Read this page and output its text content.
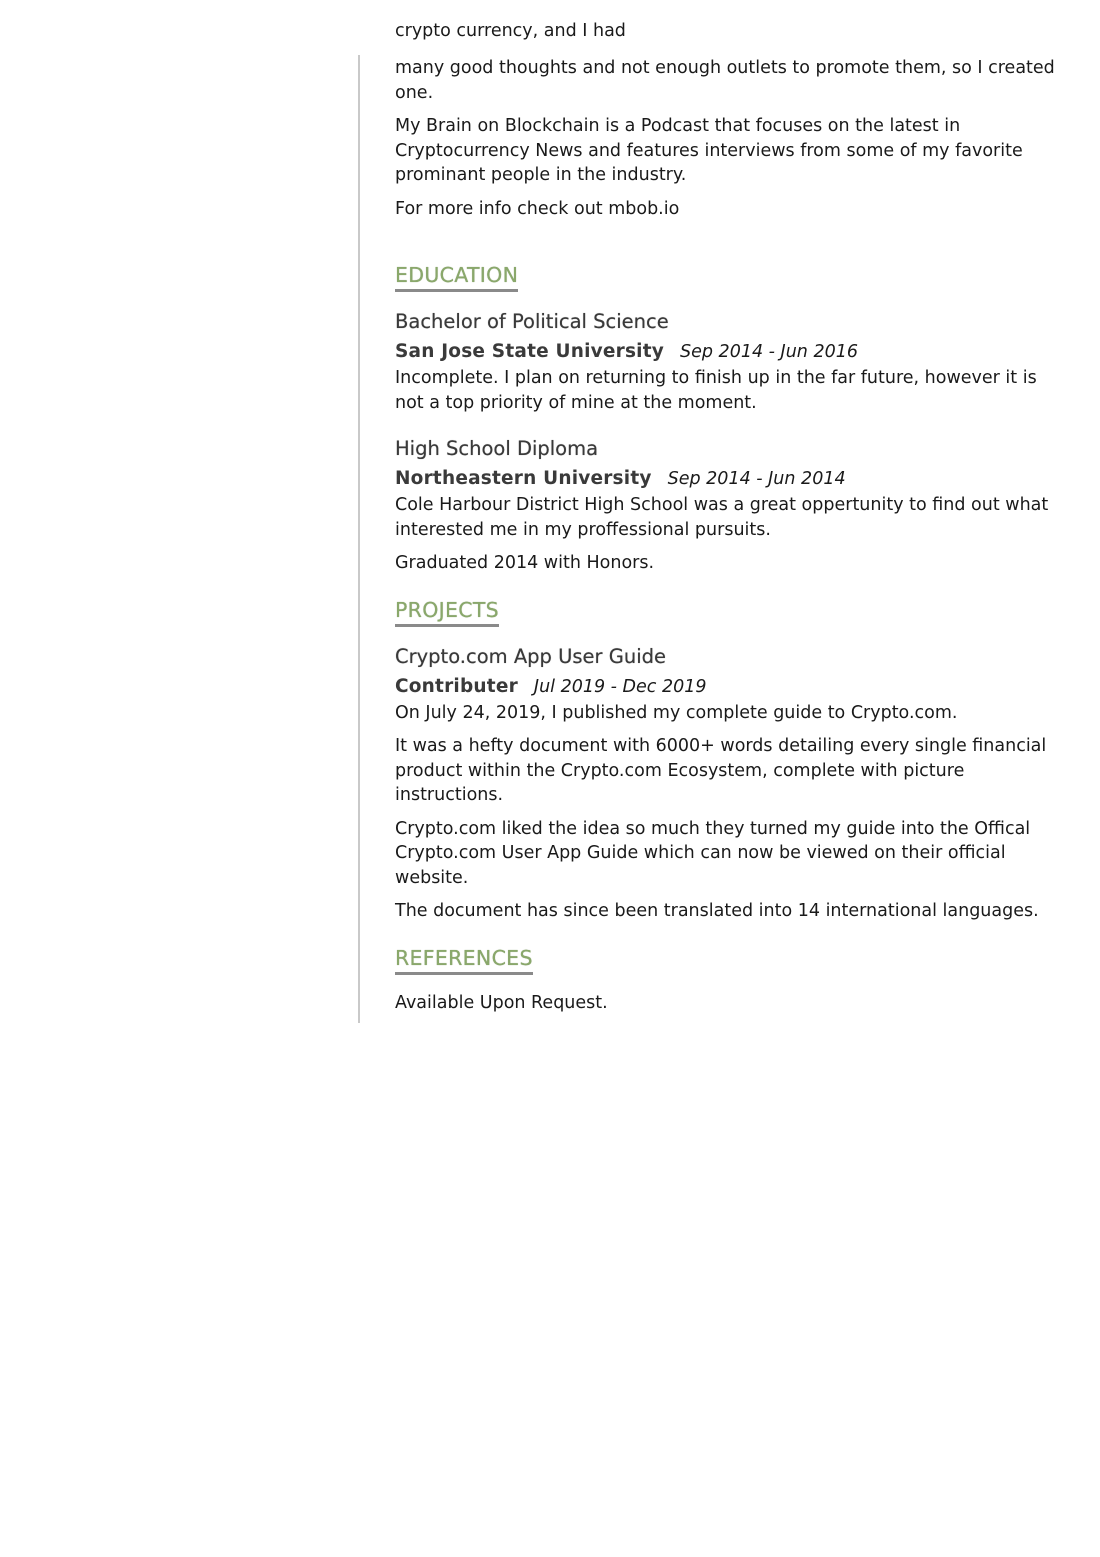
crypto currency, and I had

many good thoughts and not enough outlets to promote them, so I created one.

My Brain on Blockchain is a Podcast that focuses on the latest in Cryptocurrency News and features interviews from some of my favorite prominant people in the industry.

For more info check out mbob.io

EDUCATION
Bachelor of Political Science
San Jose State University Sep 2014 - Jun 2016

Incomplete. I plan on returning to finish up in the far future, however it is not a top priority of mine at the moment.

High School Diploma
Northeastern University Sep 2014 - Jun 2014

Cole Harbour District High School was a great oppertunity to find out what interested me in my proffessional pursuits.

Graduated 2014 with Honors.

PROJECTS
Crypto.com App User Guide
Contributer Jul 2019 - Dec 2019

On July 24, 2019, I published my complete guide to Crypto.com.

It was a hefty document with 6000+ words detailing every single financial product within the Crypto.com Ecosystem, complete with picture instructions.

Crypto.com liked the idea so much they turned my guide into the Offical Crypto.com User App Guide which can now be viewed on their official website.

The document has since been translated into 14 international languages.

REFERENCES

Available Upon Request.
